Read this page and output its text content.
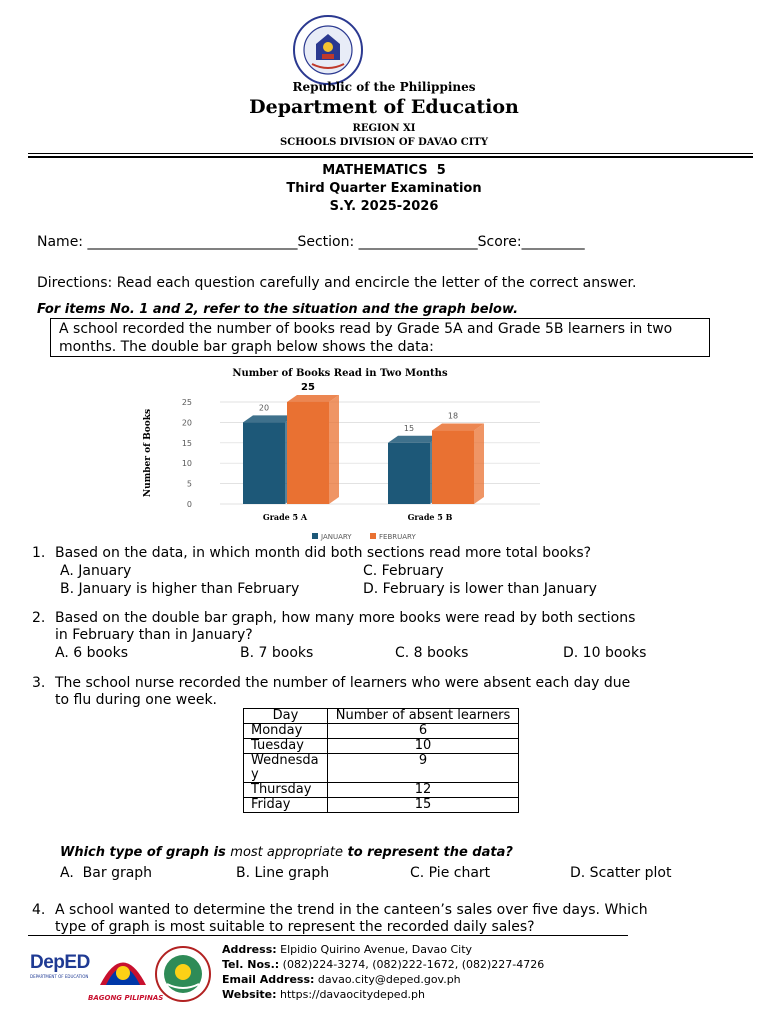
Republic of the Philippines
Department of Education
REGION XI
SCHOOLS DIVISION OF DAVAO CITY
MATHEMATICS  5
Third Quarter Examination
S.Y. 2025-2026
Name: ______________________________Section: _________________Score:_________
Directions: Read each question carefully and encircle the letter of the correct answer.
For items No. 1 and 2, refer to the situation and the graph below.
A school recorded the number of books read by Grade 5A and Grade 5B learners in two months. The double bar graph below shows the data:
Number of Books Read in Two Months
Number of Books
0
5
10
15
20
25
20
25
Grade 5 A
15
18
Grade 5 B
JANUARY	FEBRUARY
1. Based on the data, in which month did both sections read more total books?
A. January	C. February
B. January is higher than February	D. February is lower than January
2. Based on the double bar graph, how many more books were read by both sections
in February than in January?
A. 6 books	B. 7 books	C. 8 books	D. 10 books
3. The school nurse recorded the number of learners who were absent each day due
to flu during one week.
Day	Number of absent learners
Monday	6
Tuesday	10
Wednesday	9
Thursday	12
Friday	15
Which type of graph is most appropriate to represent the data?
A.  Bar graph	B. Line graph	C. Pie chart	D. Scatter plot
4. A school wanted to determine the trend in the canteen’s sales over five days. Which
type of graph is most suitable to represent the recorded daily sales?
DepED
DEPARTMENT OF EDUCATION
BAGONG PILIPINAS
Address: Elpidio Quirino Avenue, Davao City
Tel. Nos.: (082)224-3274, (082)222-1672, (082)227-4726
Email Address: davao.city@deped.gov.ph
Website: https://davaocitydeped.ph
